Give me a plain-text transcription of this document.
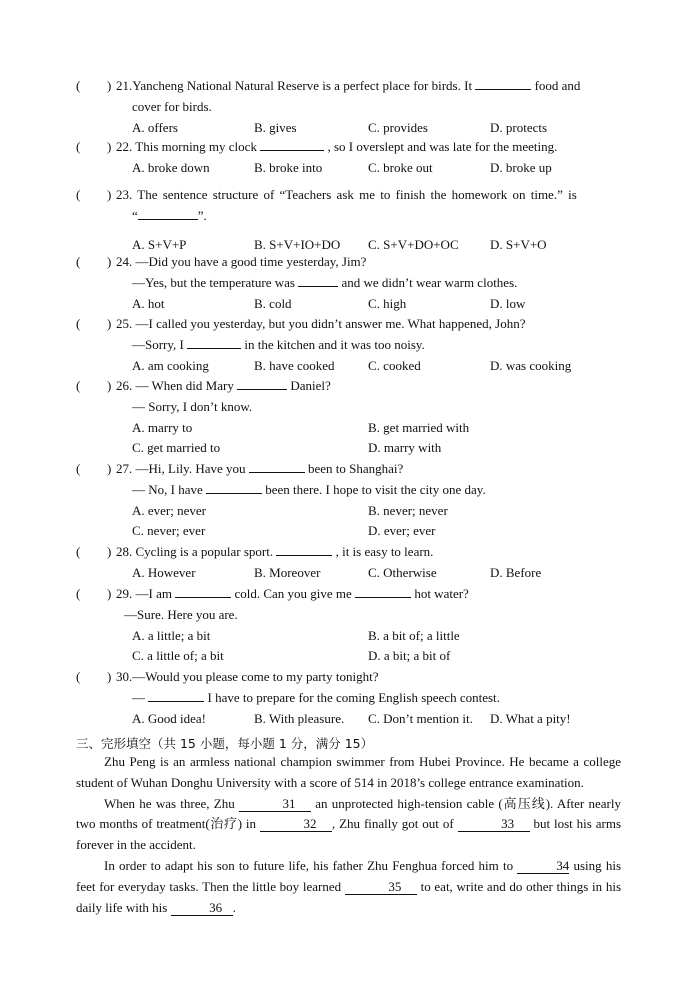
( ) 21.Yancheng National Natural Reserve is a perfect place for birds. It	food and
cover for birds.
A. offers	B. gives	C. provides	D. protects
( ) 22. This morning my clock	, so I overslept and was late for the meeting.
A. broke down	B. broke into	C. broke out	D. broke up
( ) 23. The sentence structure of “Teachers ask me to finish the homework on time.” is
“	”.
A. S+V+P	B. S+V+IO+DO C. S+V+DO+OC D. S+V+O
( ) 24. —Did you have a good time yesterday, Jim?
—Yes, but the temperature was	and we didn’t wear warm clothes.
A. hot	B. cold	C. high	D. low
( ) 25. —I called you yesterday, but you didn’t answer me. What happened, John?
—Sorry, I	in the kitchen and it was too noisy.
A. am cooking	B. have cooked	C. cooked	D. was cooking
( ) 26. — When did Mary	Daniel?
— Sorry, I don’t know.
A. marry to	B. get married with
C. get married to	D. marry with
( ) 27. —Hi, Lily. Have you	been to Shanghai?
— No, I have	been there. I hope to visit the city one day.
A. ever; never	B. never; never
C. never; ever	D. ever; ever
( ) 28. Cycling is a popular sport.	, it is easy to learn.
A. However	B. Moreover	C. Otherwise	D. Before
( ) 29. —I am	cold. Can you give me	hot water?
—Sure. Here you are.
A. a little; a bit	B. a bit of; a little
C. a little of; a bit	D. a bit; a bit of
( ) 30.—Would you please come to my party tonight?
—	I have to prepare for the coming English speech contest.
A. Good idea!	B. With pleasure. C. Don’t mention it. D. What a pity!
三、完形填空（共 15 小题，每小题 1 分，满分 15）

Zhu Peng is an armless national champion swimmer from Hubei Province. He became a college student of Wuhan Donghu University with a score of 514 in 2018’s college entrance examination.

When he was three, Zhu	31 an unprotected high-tension cable (高压线). After nearly two months of treatment(治疗) in	32 , Zhu finally got out of	33 but lost his arms forever in the accident.

In order to adapt his son to future life, his father Zhu Fenghua forced him to	34 using his feet for everyday tasks. Then the little boy learned	35 to eat, write and do other things in his daily life with his	36 .
